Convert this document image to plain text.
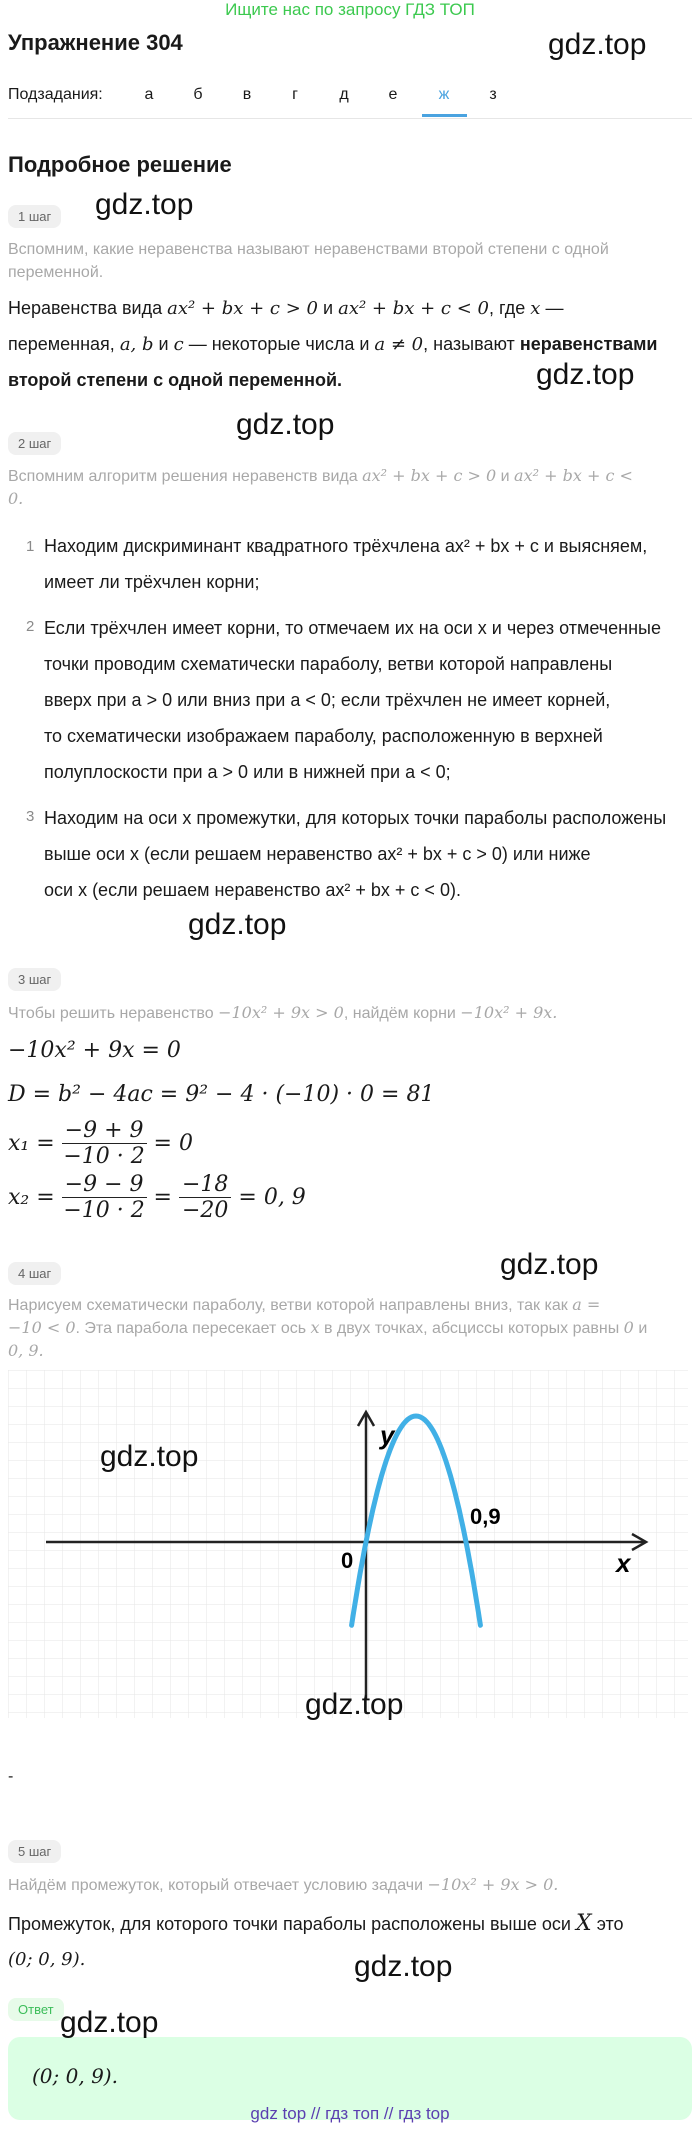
Ищите нас по запросу ГДЗ ТОП
Упражнение 304	gdz.top
Подзадания:	а	б	в	г	д	е	ж	з
Подробное решение
1 шаг	gdz.top
Вспомним, какие неравенства называют неравенствами второй степени с одной переменной.
Неравенства вида ax² + bx + c > 0 и ax² + bx + c < 0, где x —
переменная, a, b и c — некоторые числа и a ≠ 0, называют неравенствами
второй степени с одной переменной.	gdz.top
2 шаг
gdz.top
Вспомним алгоритм решения неравенств вида ax² + bx + c > 0 и ax² + bx + c <
0.
1 Находим дискриминант квадратного трёхчлена ax² + bx + c и выясняем,
имеет ли трёхчлен корни;
2 Если трёхчлен имеет корни, то отмечаем их на оси x и через отмеченные
точки проводим схематически параболу, ветви которой направлены
вверх при a > 0 или вниз при a < 0; если трёхчлен не имеет корней,
то схематически изображаем параболу, расположенную в верхней
полуплоскости при a > 0 или в нижней при a < 0;
3 Находим на оси x промежутки, для которых точки параболы расположены
выше оси x (если решаем неравенство ax² + bx + c > 0) или ниже
оси x (если решаем неравенство ax² + bx + c < 0).
gdz.top
3 шаг
Чтобы решить неравенство −10x² + 9x > 0, найдём корни −10x² + 9x.
−10x² + 9x = 0
D = b² − 4ac = 9² − 4 · (−10) · 0 = 81
$x_1 = \frac{-9 + 9}{-10 \cdot 2} = 0$
$x_2 = \frac{-9 - 9}{-10 \cdot 2} = \frac{-18}{-20} = 0$, 9
gdz.top
4 шаг
Нарисуем схематически параболу, ветви которой направлены вниз, так как a =
−10 < 0. Эта парабола пересекает ось x в двух точках, абсциссы которых равны 0 и
0, 9.
y
x
0
0,9
gdz.top
gdz.top
-
5 шаг
Найдём промежуток, который отвечает условию задачи −10x² + 9x > 0.
Промежуток, для которого точки параболы расположены выше оси X это
(0; 0, 9).	gdz.top
Ответ
(0; 0, 9).
gdz.top
gdz top // гдз топ // гдз top
